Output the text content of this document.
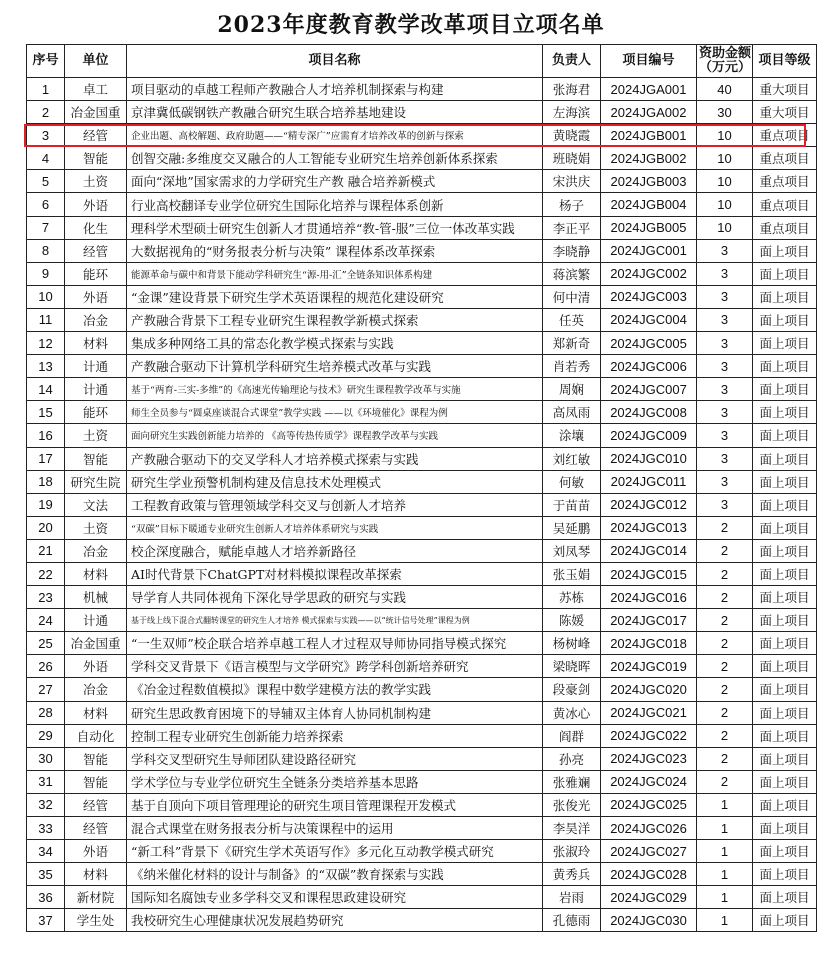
2023年度教育教学改革项目立项名单
序号	单位	项目名称	负责人	项目编号	资助金额
（万元）	项目等级
1	卓工	项目驱动的卓越工程师产教融合人才培养机制探索与构建	张海君	2024JGA001	40	重大项目
2	冶金国重	京津冀低碳钢铁产教融合研究生联合培养基地建设	左海滨	2024JGA002	30	重大项目
3	经管	企业出题、高校解题、政府助题——“精专深广”应需育才培养改革的创新与探索	黄晓霞	2024JGB001	10	重点项目
4	智能	创智交融:多维度交叉融合的人工智能专业研究生培养创新体系探索	班晓娟	2024JGB002	10	重点项目
5	土资	面向“深地”国家需求的力学研究生产教 融合培养新模式	宋洪庆	2024JGB003	10	重点项目
6	外语	行业高校翻译专业学位研究生国际化培养与课程体系创新	杨子	2024JGB004	10	重点项目
7	化生	理科学术型硕士研究生创新人才贯通培养“教-管-服”三位一体改革实践	李正平	2024JGB005	10	重点项目
8	经管	大数据视角的“财务报表分析与决策” 课程体系改革探索	李晓静	2024JGC001	3	面上项目
9	能环	能源革命与碳中和背景下能动学科研究生“源-用-汇”全链条知识体系构建	蒋滨繁	2024JGC002	3	面上项目
10	外语	“金课”建设背景下研究生学术英语课程的规范化建设研究	何中清	2024JGC003	3	面上项目
11	冶金	产教融合背景下工程专业研究生课程教学新模式探索	任英	2024JGC004	3	面上项目
12	材料	集成多种网络工具的常态化教学模式探索与实践	郑新奇	2024JGC005	3	面上项目
13	计通	产教融合驱动下计算机学科研究生培养模式改革与实践	肖若秀	2024JGC006	3	面上项目
14	计通	基于“两育-三实-多维”的《高速光传输理论与技术》研究生课程教学改革与实施	周娴	2024JGC007	3	面上项目
15	能环	师生全员参与“圆桌座谈混合式课堂”教学实践 ——以《环境催化》课程为例	高凤雨	2024JGC008	3	面上项目
16	土资	面向研究生实践创新能力培养的 《高等传热传质学》课程教学改革与实践	涂壤	2024JGC009	3	面上项目
17	智能	产教融合驱动下的交叉学科人才培养模式探索与实践	刘红敏	2024JGC010	3	面上项目
18	研究生院	研究生学业预警机制构建及信息技术处理模式	何敏	2024JGC011	3	面上项目
19	文法	工程教育政策与管理领域学科交叉与创新人才培养	于苗苗	2024JGC012	3	面上项目
20	土资	“双碳”目标下暖通专业研究生创新人才培养体系研究与实践	吴延鹏	2024JGC013	2	面上项目
21	冶金	校企深度融合，赋能卓越人才培养新路径	刘凤琴	2024JGC014	2	面上项目
22	材料	AI时代背景下ChatGPT对材料模拟课程改革探索	张玉娟	2024JGC015	2	面上项目
23	机械	导学育人共同体视角下深化导学思政的研究与实践	苏栋	2024JGC016	2	面上项目
24	计通	基于线上线下混合式翻转课堂的研究生人才培养 模式探索与实践——以“统计信号处理”课程为例	陈媛	2024JGC017	2	面上项目
25	冶金国重	“一生双师”校企联合培养卓越工程人才过程双导师协同指导模式探究	杨树峰	2024JGC018	2	面上项目
26	外语	学科交叉背景下《语言模型与文学研究》跨学科创新培养研究	梁晓晖	2024JGC019	2	面上项目
27	冶金	《冶金过程数值模拟》课程中数学建模方法的教学实践	段豪剑	2024JGC020	2	面上项目
28	材料	研究生思政教育困境下的导辅双主体育人协同机制构建	黄冰心	2024JGC021	2	面上项目
29	自动化	控制工程专业研究生创新能力培养探索	阎群	2024JGC022	2	面上项目
30	智能	学科交叉型研究生导师团队建设路径研究	孙亮	2024JGC023	2	面上项目
31	智能	学术学位与专业学位研究生全链条分类培养基本思路	张雅斓	2024JGC024	2	面上项目
32	经管	基于自顶向下项目管理理论的研究生项目管理课程开发模式	张俊光	2024JGC025	1	面上项目
33	经管	混合式课堂在财务报表分析与决策课程中的运用	李昊洋	2024JGC026	1	面上项目
34	外语	“新工科”背景下《研究生学术英语写作》多元化互动教学模式研究	张淑玲	2024JGC027	1	面上项目
35	材料	《纳米催化材料的设计与制备》的“双碳”教育探索与实践	黄秀兵	2024JGC028	1	面上项目
36	新材院	国际知名腐蚀专业多学科交叉和课程思政建设研究	岩雨	2024JGC029	1	面上项目
37	学生处	我校研究生心理健康状况发展趋势研究	孔德雨	2024JGC030	1	面上项目
